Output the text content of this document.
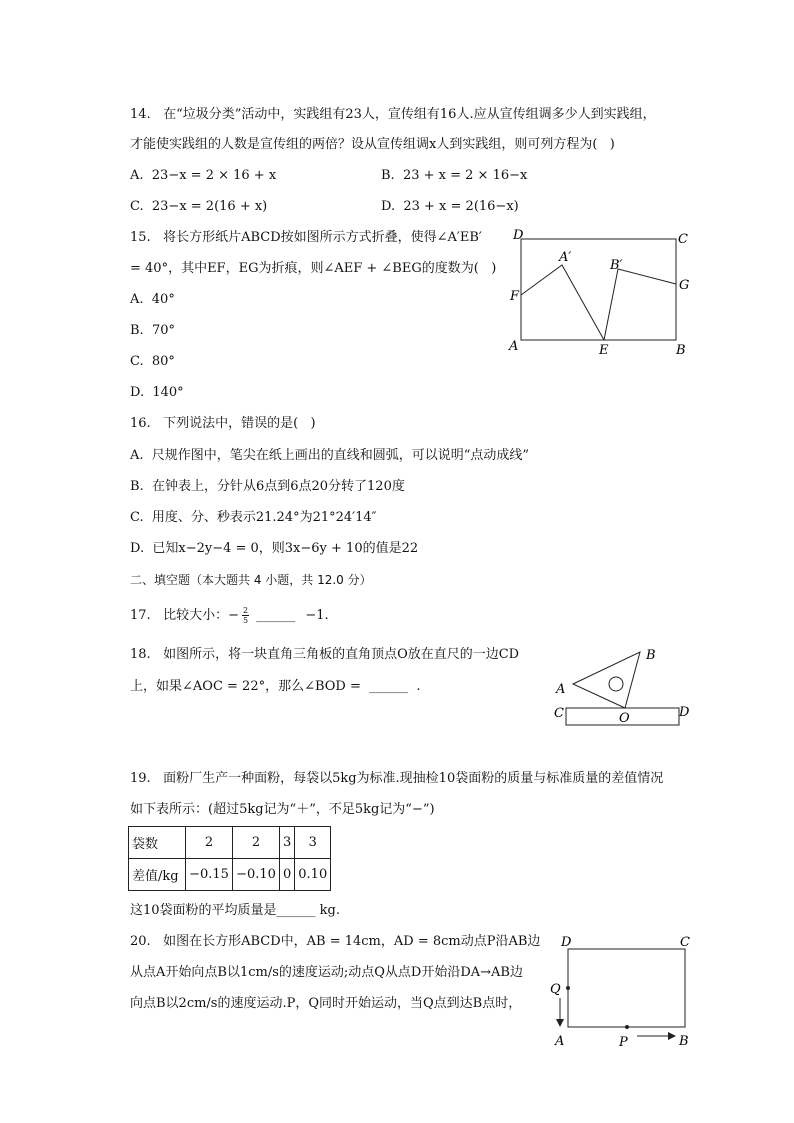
14.   在“垃圾分类”活动中，实践组有23人，宣传组有16人.应从宣传组调多少人到实践组，
才能使实践组的人数是宣传组的两倍？设从宣传组调x人到实践组，则可列方程为(   )
A.  23−x = 2 × 16 + x	B.  23 + x = 2 × 16−x
C.  23−x = 2(16 + x)	D.  23 + x = 2(16−x)
15.   将长方形纸片ABCD按如图所示方式折叠，使得∠A′EB′
= 40°，其中EF，EG为折痕，则∠AEF + ∠BEG的度数为(   )
A.  40°
B.  70°
C.  80°
D.  140°
D	C
A′
B′
F
G
A	E	B
16.   下列说法中，错误的是(   )
A.  尺规作图中，笔尖在纸上画出的直线和圆弧，可以说明“点动成线”
B.  在钟表上，分针从6点到6点20分转了120度
C.  用度、分、秒表示21.24°为21°24′14″
D.  已知x−2y−4 = 0，则3x−6y + 10的值是22
二、填空题（本大题共 4 小题，共 12.0 分）
17.   比较大小：− $\frac{2}{5}$ ______ −1.
18.   如图所示，将一块直角三角板的直角顶点O放在直尺的一边CD
上，如果∠AOC = 22°，那么∠BOD =  ______  .	A
B
C	D
O
19.   面粉厂生产一种面粉，每袋以5kg为标准.现抽检10袋面粉的质量与标准质量的差值情况
如下表所示：(超过5kg记为“＋”，不足5kg记为“−”)
袋数	2	2	3	3
差值/kg	−0.15	−0.10	0	0.10
这10袋面粉的平均质量是______ kg.
20.   如图在长方形ABCD中，AB = 14cm，AD = 8cm动点P沿AB边
从点A开始向点B以1cm/s的速度运动;动点Q从点D开始沿DA→AB边
向点B以2cm/s的速度运动.P，Q同时开始运动，当Q点到达B点时，
D	C
Q
A	P	B
